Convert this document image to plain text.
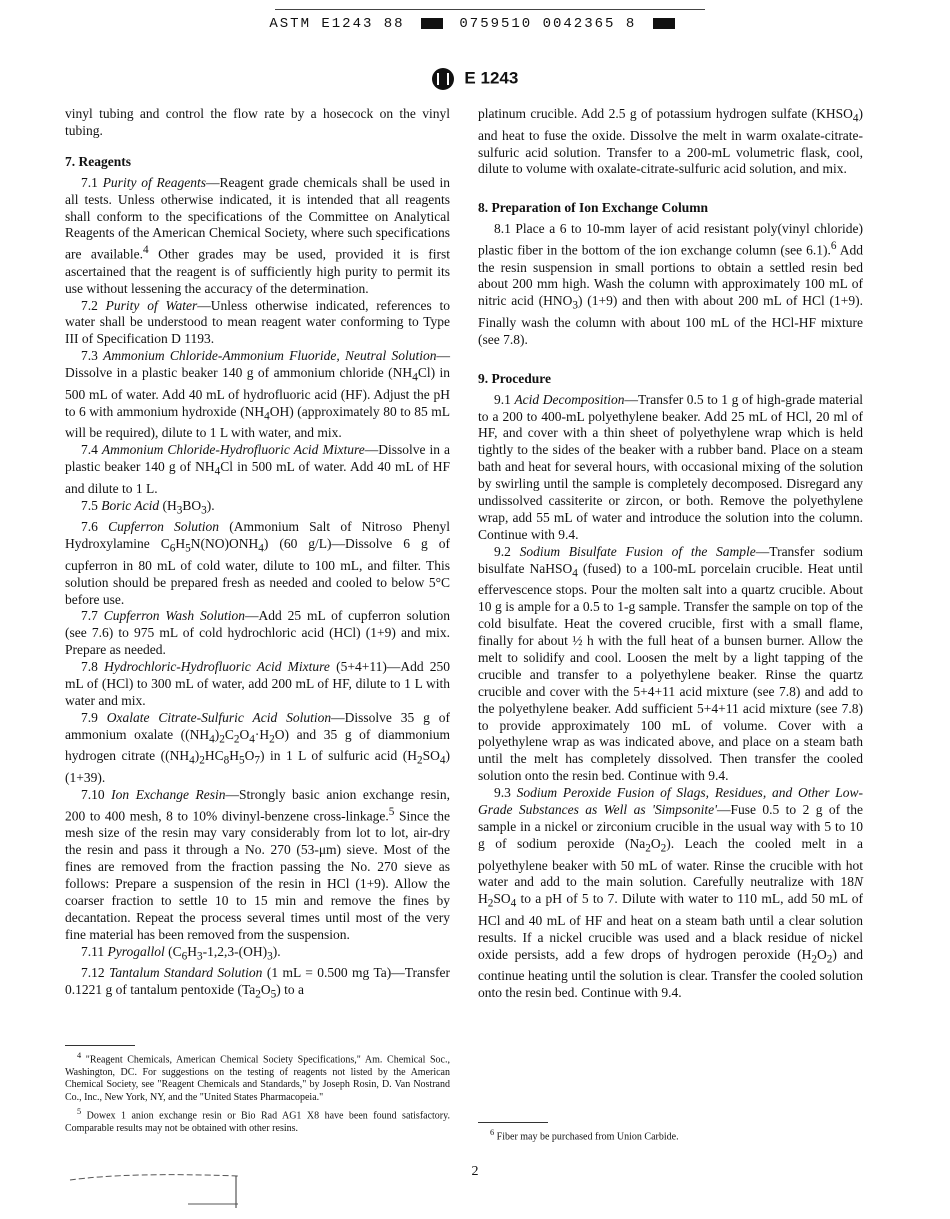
ASTM E1243 88	0759510 0042365 8
E 1243

vinyl tubing and control the flow rate by a hosecock on the vinyl tubing.

7. Reagents

7.1 Purity of Reagents—Reagent grade chemicals shall be used in all tests. Unless otherwise indicated, it is intended that all reagents shall conform to the specifications of the Committee on Analytical Reagents of the American Chemical Society, where such specifications are available.$^4$ Other grades may be used, provided it is first ascertained that the reagent is of sufficiently high purity to permit its use without lessening the accuracy of the determination.

7.2 Purity of Water—Unless otherwise indicated, references to water shall be understood to mean reagent water conforming to Type III of Specification D 1193.

7.3 Ammonium Chloride-Ammonium Fluoride, Neutral Solution—Dissolve in a plastic beaker 140 g of ammonium chloride $(NH_4Cl)$ in 500 mL of water. Add 40 mL of hydrofluoric acid (HF). Adjust the pH to 6 with ammonium hydroxide $(NH_4OH)$ (approximately 80 to 85 mL will be required), dilute to 1 L with water, and mix.

7.4 Ammonium Chloride-Hydrofluoric Acid Mixture—Dissolve in a plastic beaker 140 g of $NH_4Cl$ in 500 mL of water. Add 40 mL of HF and dilute to 1 L.

7.5 Boric Acid $(H_3BO_3)$.

7.6 Cupferron Solution (Ammonium Salt of Nitroso Phenyl Hydroxylamine $C_6H_5N(NO)ONH_4$) (60 g/L)—Dissolve 6 g of cupferron in 80 mL of cold water, dilute to 100 mL, and filter. This solution should be prepared fresh as needed and cooled to below 5°C before use.

7.7 Cupferron Wash Solution—Add 25 mL of cupferron solution (see 7.6) to 975 mL of cold hydrochloric acid (HCl) (1+9) and mix. Prepare as needed.

7.8 Hydrochloric-Hydrofluoric Acid Mixture (5+4+11)—Add 250 mL of (HCl) to 300 mL of water, add 200 mL of HF, dilute to 1 L with water and mix.

7.9 Oxalate Citrate-Sulfuric Acid Solution—Dissolve 35 g of ammonium oxalate $((NH_4)_2C_2O_4\cdot H_2O)$ and 35 g of diammonium hydrogen citrate $((NH_4)_2HC_8H_5O_7)$ in 1 L of sulfuric acid $(H_2SO_4)$ (1+39).

7.10 Ion Exchange Resin—Strongly basic anion exchange resin, 200 to 400 mesh, 8 to 10% divinyl-benzene cross-linkage.$^5$ Since the mesh size of the resin may vary considerably from lot to lot, air-dry the resin and pass it through a No. 270 (53-μm) sieve. Most of the fines are removed from the fraction passing the No. 270 sieve as follows: Prepare a suspension of the resin in HCl (1+9). Allow the coarser fraction to settle 10 to 15 min and remove the fines by decantation. Repeat the process several times until most of the very fine material has been removed from the suspension.

7.11 Pyrogallol $(C_6H_3-1,2,3-(OH)_3)$.

7.12 Tantalum Standard Solution (1 mL = 0.500 mg Ta)—Transfer 0.1221 g of tantalum pentoxide $(Ta_2O_5)$ to a

platinum crucible. Add 2.5 g of potassium hydrogen sulfate $(KHSO_4)$ and heat to fuse the oxide. Dissolve the melt in warm oxalate-citrate-sulfuric acid solution. Transfer to a 200-mL volumetric flask, cool, dilute to volume with oxalate-citrate-sulfuric acid solution, and mix.

8. Preparation of Ion Exchange Column

8.1 Place a 6 to 10-mm layer of acid resistant poly(vinyl chloride) plastic fiber in the bottom of the ion exchange column (see 6.1).$^6$ Add the resin suspension in small portions to obtain a settled resin bed about 200 mm high. Wash the column with approximately 100 mL of nitric acid $(HNO_3)$ (1+9) and then with about 200 mL of HCl (1+9). Finally wash the column with about 100 mL of the HCl-HF mixture (see 7.8).

9. Procedure

9.1 Acid Decomposition—Transfer 0.5 to 1 g of high-grade material to a 200 to 400-mL polyethylene beaker. Add 25 mL of HCl, 20 ml of HF, and cover with a thin sheet of polyethylene wrap which is held tightly to the sides of the beaker with a rubber band. Place on a steam bath and heat for several hours, with occasional mixing of the solution by swirling until the sample is completely decomposed. Disregard any undissolved cassiterite or zircon, or both. Remove the polyethylene wrap, add 55 mL of water and introduce the solution into the column. Continue with 9.4.

9.2 Sodium Bisulfate Fusion of the Sample—Transfer sodium bisulfate NaHSO$_4$ (fused) to a 100-mL porcelain crucible. Heat until effervescence stops. Pour the molten salt into a quartz crucible. About 10 g is ample for a 0.5 to 1-g sample. Transfer the sample on top of the cold bisulfate. Heat the covered crucible, first with a small flame, finally for about ½ h with the full heat of a bunsen burner. Allow the melt to solidify and cool. Loosen the melt by a light tapping of the crucible and transfer to a polyethylene beaker. Rinse the quartz crucible and cover with the 5+4+11 acid mixture (see 7.8) and add to the polyethylene beaker. Add sufficient 5+4+11 acid mixture (see 7.8) to provide approximately 100 mL of volume. Cover with a polyethylene wrap as was indicated above, and place on a steam bath until the melt has completely dissolved. Then transfer the cooled solution onto the resin bed. Continue with 9.4.

9.3 Sodium Peroxide Fusion of Slags, Residues, and Other Low-Grade Substances as Well as 'Simpsonite'—Fuse 0.5 to 2 g of the sample in a nickel or zirconium crucible in the usual way with 5 to 10 g of sodium peroxide $(Na_2O_2)$. Leach the cooled melt in a polyethylene beaker with 50 mL of water. Rinse the crucible with hot water and add to the main solution. Carefully neutralize with 18N $H_2SO_4$ to a pH of 5 to 7. Dilute with water to 110 mL, add 50 mL of HCl and 40 mL of HF and heat on a steam bath until a clear solution results. If a nickel crucible was used and a black residue of nickel oxide persists, add a few drops of hydrogen peroxide $(H_2O_2)$ and continue heating until the solution is clear. Transfer the cooled solution onto the resin bed. Continue with 9.4.

$^4$ "Reagent Chemicals, American Chemical Society Specifications," Am. Chemical Soc., Washington, DC. For suggestions on the testing of reagents not listed by the American Chemical Society, see "Reagent Chemicals and Standards," by Joseph Rosin, D. Van Nostrand Co., Inc., New York, NY, and the "United States Pharmacopeia."

$^5$ Dowex 1 anion exchange resin or Bio Rad AG1 X8 have been found satisfactory. Comparable results may not be obtained with other resins.	$^6$ Fiber may be purchased from Union Carbide.

2
